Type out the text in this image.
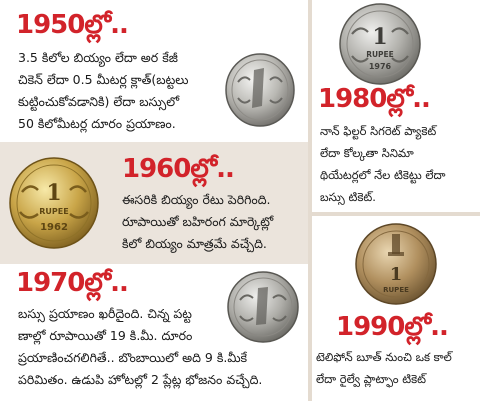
1950ల్లో..
3.5 కిలోల బియ్యం లేదా అర కేజీ
చికెన్ లేదా 0.5 మీటర్ల క్లాత్(బట్టలు
కుట్టించుకోవడానికి) లేదా బస్సులో
50 కిలోమీటర్ల దూరం ప్రయాణం.
1
RUPEE
1962
1960ల్లో..
ఈసరికి బియ్యం రేటు పెరిగింది.
రూపాయితో బహిరంగ మార్కెట్లో
కిలో బియ్యం మాత్రమే వచ్చేది.
1970ల్లో..
బస్సు ప్రయాణం ఖరీదైంది. చిన్న పట్ట
ణాల్లో రూపాయితో 19 కి.మీ. దూరం
ప్రయాణించగలిగితే.. బొంబాయిలో అది 9 కి.మీకే
పరిమితం. ఉడుపి హోటల్లో 2 ప్లేట్ల భోజనం వచ్చేది.
1
RUPEE
1976
1980ల్లో..
నాన్ ఫిల్టర్ సిగరెట్ ప్యాకెట్
లేదా కోల్కతా సినిమా
థియేటర్లలో నేల టికెట్టు లేదా
బస్సు టికెట్.
1
RUPEE
1990ల్లో..
టెలిఫోన్ బూత్ నుంచి ఒక కాల్
లేదా రైల్వే ప్లాట్ఫాం టికెట్
